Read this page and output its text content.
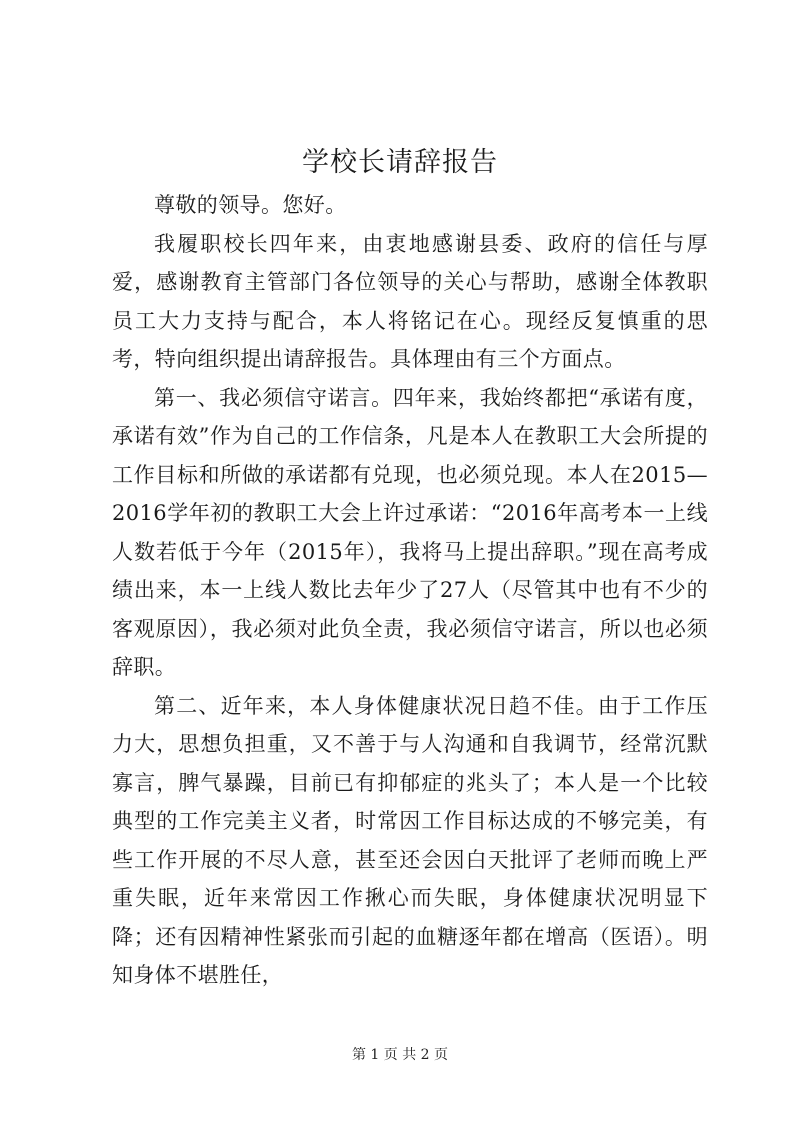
学校长请辞报告

尊敬的领导。您好。

我履职校长四年来，由衷地感谢县委、政府的信任与厚爱，感谢教育主管部门各位领导的关心与帮助，感谢全体教职员工大力支持与配合，本人将铭记在心。现经反复慎重的思考，特向组织提出请辞报告。具体理由有三个方面点。

第一、我必须信守诺言。四年来，我始终都把“承诺有度，承诺有效”作为自己的工作信条，凡是本人在教职工大会所提的工作目标和所做的承诺都有兑现，也必须兑现。本人在2015—2016学年初的教职工大会上许过承诺：“2016年高考本一上线人数若低于今年（2015年），我将马上提出辞职。”现在高考成绩出来，本一上线人数比去年少了27人（尽管其中也有不少的客观原因），我必须对此负全责，我必须信守诺言，所以也必须辞职。

第二、近年来，本人身体健康状况日趋不佳。由于工作压力大，思想负担重，又不善于与人沟通和自我调节，经常沉默寡言，脾气暴躁，目前已有抑郁症的兆头了；本人是一个比较典型的工作完美主义者，时常因工作目标达成的不够完美，有些工作开展的不尽人意，甚至还会因白天批评了老师而晚上严重失眠，近年来常因工作揪心而失眠，身体健康状况明显下降；还有因精神性紧张而引起的血糖逐年都在增高（医语）。明知身体不堪胜任，

第 1 页 共 2 页
